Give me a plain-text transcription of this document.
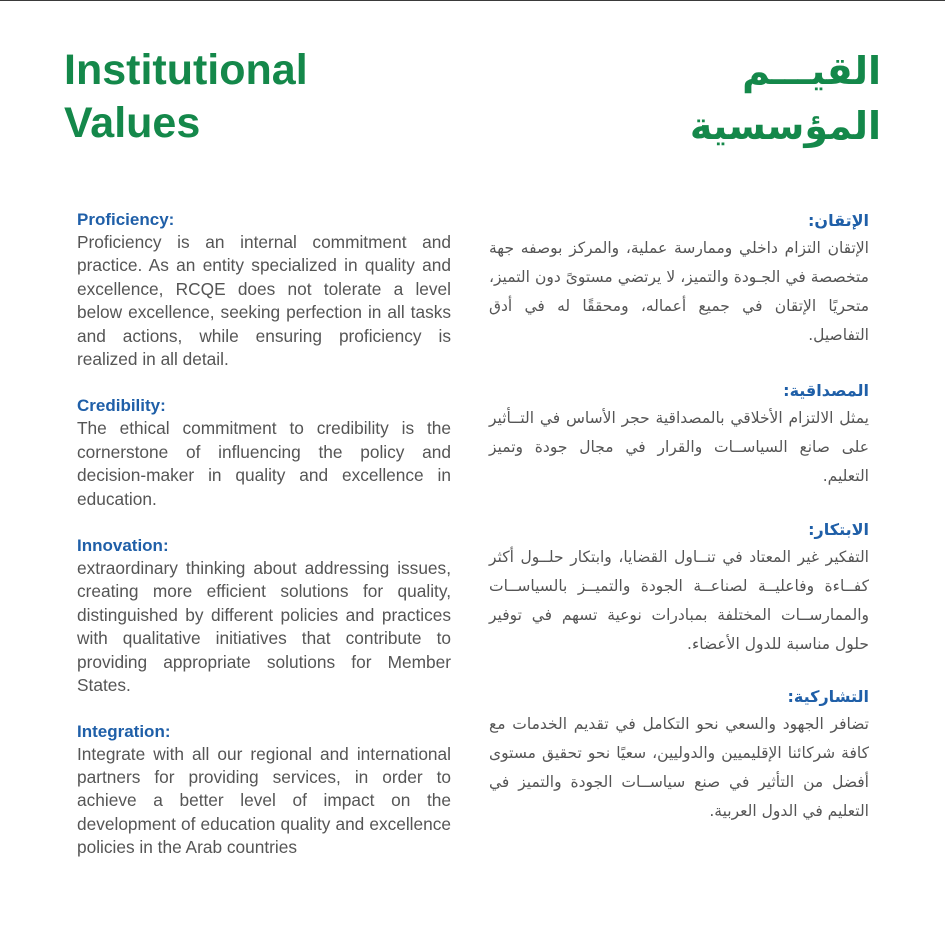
Institutional Values
القيـــم المؤسسية

Proficiency:

Proficiency is an internal commitment and practice. As an entity specialized in quality and excellence, RCQE does not tolerate a level below excellence, seeking perfection in all tasks and actions, while ensuring proficiency is realized in all detail.

Credibility:

The ethical commitment to credibility is the cornerstone of influencing the policy and decision-maker in quality and excellence in education.

Innovation:

extraordinary thinking about addressing issues, creating more efficient solutions for quality, distinguished by different policies and practices with qualitative initiatives that contribute to providing appropriate solutions for Member States.

Integration:

Integrate with all our regional and international partners for providing services, in order to achieve a better level of impact on the development of education quality and excellence policies in the Arab countries

الإتقان:

الإتقان التزام داخلي وممارسة عملية، والمركز بوصفه جهة متخصصة في الجـودة والتميز، لا يرتضي مستوىً دون التميز، متحريًا الإتقان في جميع أعماله، ومحققًا له في أدق التفاصيل.

المصداقية:

يمثل الالتزام الأخلاقي بالمصداقية حجر الأساس في التــأثير على صانع السياســات والقرار في مجال جودة وتميز التعليم.

الابتكار:

التفكير غير المعتاد في تنــاول القضايا، وابتكار حلــول أكثر كفــاءة وفاعليــة لصناعــة الجودة والتميــز بالسياســات والممارســات المختلفة بمبادرات نوعية تسهم في توفير حلول مناسبة للدول الأعضاء.

التشاركية:

تضافر الجهود والسعي نحو التكامل في تقديم الخدمات مع كافة شركائنا الإقليميين والدوليين، سعيًا نحو تحقيق مستوى أفضل من التأثير في صنع سياســات الجودة والتميز في التعليم في الدول العربية.
